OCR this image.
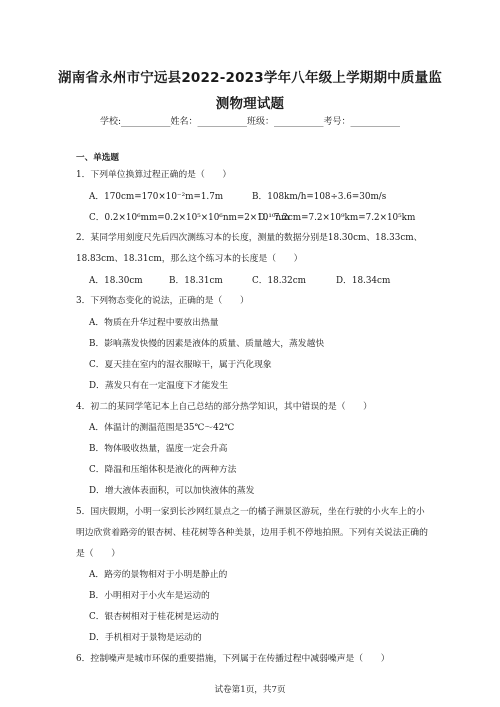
湖南省永州市宁远县2022-2023学年八年级上学期期中质量监
测物理试题
学校:___________姓名：___________班级：___________考号：___________
一、单选题
1．下列单位换算过程正确的是（　　）
A．170cm=170×10⁻²m=1.7m	B．108km/h=108÷3.6=30m/s
C．0.2×10⁶mm=0.2×10⁵×10⁶nm=2×10¹⁰nm
D．7.2cm=7.2×10⁹km=7.2×10⁵km
2．某同学用刻度尺先后四次测练习本的长度，测量的数据分别是18.30cm、18.33cm、
18.83cm、18.31cm，那么这个练习本的长度是（　　）
A．18.30cm	B．18.31cm	C．18.32cm	D．18.34cm
3．下列物态变化的说法，正确的是（　　）
A．物质在升华过程中要放出热量
B．影响蒸发快慢的因素是液体的质量、质量越大，蒸发越快
C．夏天挂在室内的湿衣服晾干，属于汽化现象
D．蒸发只有在一定温度下才能发生
4．初二的某同学笔记本上自己总结的部分热学知识，其中错误的是（　　）
A．体温计的测温范围是35℃～42℃
B．物体吸收热量，温度一定会升高
C．降温和压缩体积是液化的两种方法
D．增大液体表面积，可以加快液体的蒸发
5．国庆假期，小明一家到长沙网红景点之一的橘子洲景区游玩，坐在行驶的小火车上的小
明边欣赏着路旁的银杏树、桂花树等各种美景，边用手机不停地拍照。下列有关说法正确的
是（　　）
A．路旁的景物相对于小明是静止的
B．小明相对于小火车是运动的
C．银杏树相对于桂花树是运动的
D．手机相对于景物是运动的
6．控制噪声是城市环保的重要措施，下列属于在传播过程中减弱噪声是（　　）
试卷第1页，共7页
